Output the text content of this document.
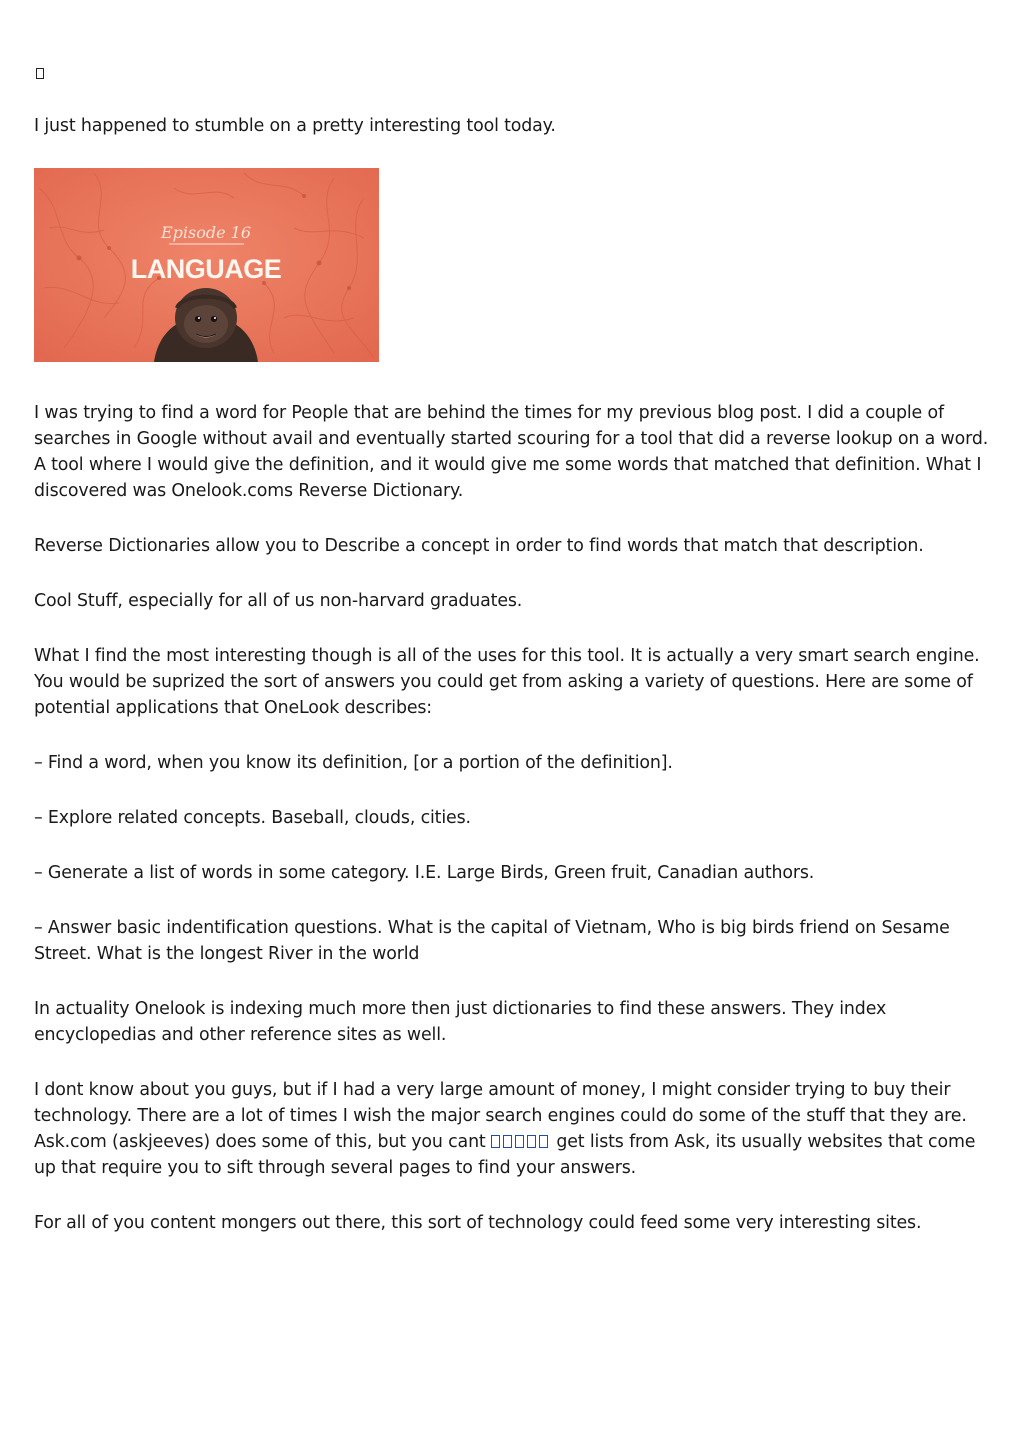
I just happened to stumble on a pretty interesting tool today.

Episode 16
LANGUAGE

I was trying to find a word for People that are behind the times for my previous blog post. I did a couple of searches in Google without avail and eventually started scouring for a tool that did a reverse lookup on a word. A tool where I would give the definition, and it would give me some words that matched that definition. What I discovered was Onelook.coms Reverse Dictionary.

Reverse Dictionaries allow you to Describe a concept in order to find words that match that description.

Cool Stuff, especially for all of us non-harvard graduates.

What I find the most interesting though is all of the uses for this tool. It is actually a very smart search engine. You would be suprized the sort of answers you could get from asking a variety of questions. Here are some of potential applications that OneLook describes:

– Find a word, when you know its definition, [or a portion of the definition].

– Explore related concepts. Baseball, clouds, cities.

– Generate a list of words in some category. I.E. Large Birds, Green fruit, Canadian authors.

– Answer basic indentification questions. What is the capital of Vietnam, Who is big birds friend on Sesame Street. What is the longest River in the world

In actuality Onelook is indexing much more then just dictionaries to find these answers. They index encyclopedias and other reference sites as well.

I dont know about you guys, but if I had a very large amount of money, I might consider trying to buy their technology. There are a lot of times I wish the major search engines could do some of the stuff that they are. Ask.com (askjeeves) does some of this, but you cant	get lists from Ask, its usually websites that come up that require you to sift through several pages to find your answers.

For all of you content mongers out there, this sort of technology could feed some very interesting sites.
